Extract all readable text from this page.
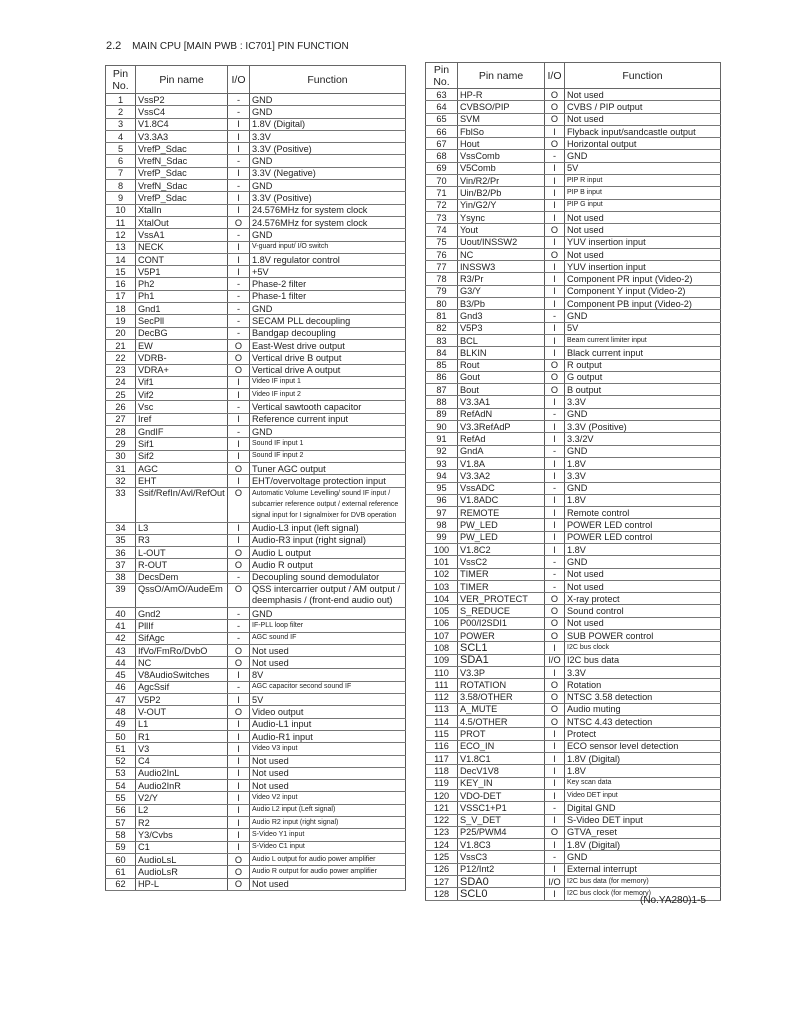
2.2 MAIN CPU [MAIN PWB : IC701] PIN FUNCTION
Pin No.	Pin name	I/O	Function
1	VssP2	-	GND
2	VssC4	-	GND
3	V1.8C4	I	1.8V (Digital)
4	V3.3A3	I	3.3V
5	VrefP_Sdac	I	3.3V (Positive)
6	VrefN_Sdac	-	GND
7	VrefP_Sdac	I	3.3V (Negative)
8	VrefN_Sdac	-	GND
9	VrefP_Sdac	I	3.3V (Positive)
10	XtalIn	I	24.576MHz for system clock
11	XtalOut	O	24.576MHz for system clock
12	VssA1	-	GND
13	NECK	I	V-guard input/ I/O switch
14	CONT	I	1.8V regulator control
15	V5P1	I	+5V
16	Ph2	-	Phase-2 filter
17	Ph1	-	Phase-1 filter
18	Gnd1	-	GND
19	SecPll	-	SECAM PLL decoupling
20	DecBG	-	Bandgap decoupling
21	EW	O	East-West drive output
22	VDRB-	O	Vertical drive B output
23	VDRA+	O	Vertical drive A output
24	Vif1	I	Video IF input 1
25	Vif2	I	Video IF input 2
26	Vsc	-	Vertical sawtooth capacitor
27	Iref	I	Reference current input
28	GndIF	-	GND
29	Sif1	I	Sound IF input 1
30	Sif2	I	Sound IF input 2
31	AGC	O	Tuner AGC output
32	EHT	I	EHT/overvoltage protection input
33	Ssif/RefIn/Avl/RefOut	O	Automatic Volume Levelling/ sound IF input / subcarrier reference output / external reference signal input for I signalmixer for DVB operation
34	L3	I	Audio-L3 input (left signal)
35	R3	I	Audio-R3 input (right signal)
36	L-OUT	O	Audio L output
37	R-OUT	O	Audio R output
38	DecsDem	-	Decoupling sound demodulator
39	QssO/AmO/AudeEm	O	QSS intercarrier output / AM output / deemphasis / (front-end audio out)
40	Gnd2	-	GND
41	PllIf	-	IF-PLL loop filter
42	SifAgc	-	AGC sound IF
43	IfVo/FmRo/DvbO	O	Not used
44	NC	O	Not used
45	V8AudioSwitches	I	8V
46	AgcSsif	-	AGC capacitor second sound IF
47	V5P2	I	5V
48	V-OUT	O	Video output
49	L1	I	Audio-L1 input
50	R1	I	Audio-R1 input
51	V3	I	Video V3 input
52	C4	I	Not used
53	Audio2InL	I	Not used
54	Audio2InR	I	Not used
55	V2/Y	I	Video V2 input
56	L2	I	Audio L2 input (Left signal)
57	R2	I	Audio R2 input (right signal)
58	Y3/Cvbs	I	S-Video Y1 input
59	C1	I	S-Video C1 input
60	AudioLsL	O	Audio L output for audio power amplifier
61	AudioLsR	O	Audio R output for audio power amplifier
62	HP-L	O	Not used
Pin No.	Pin name	I/O	Function
63	HP-R	O	Not used
64	CVBSO/PIP	O	CVBS / PIP output
65	SVM	O	Not used
66	FblSo	I	Flyback input/sandcastle output
67	Hout	O	Horizontal output
68	VssComb	-	GND
69	V5Comb	I	5V
70	Vin/R2/Pr	I	PIP R input
71	Uin/B2/Pb	I	PIP B input
72	Yin/G2/Y	I	PIP G input
73	Ysync	I	Not used
74	Yout	O	Not used
75	Uout/INSSW2	I	YUV insertion input
76	NC	O	Not used
77	INSSW3	I	YUV insertion input
78	R3/Pr	I	Component PR input (Video-2)
79	G3/Y	I	Component Y input (Video-2)
80	B3/Pb	I	Component PB input (Video-2)
81	Gnd3	-	GND
82	V5P3	I	5V
83	BCL	I	Beam current limiter input
84	BLKIN	I	Black current input
85	Rout	O	R output
86	Gout	O	G output
87	Bout	O	B output
88	V3.3A1	I	3.3V
89	RefAdN	-	GND
90	V3.3RefAdP	I	3.3V (Positive)
91	RefAd	I	3.3/2V
92	GndA	-	GND
93	V1.8A	I	1.8V
94	V3.3A2	I	3.3V
95	VssADC	-	GND
96	V1.8ADC	I	1.8V
97	REMOTE	I	Remote control
98	PW_LED	I	POWER LED control
99	PW_LED	I	POWER LED control
100	V1.8C2	I	1.8V
101	VssC2	-	GND
102	TIMER	-	Not used
103	TIMER	-	Not used
104	VER_PROTECT	O	X-ray protect
105	S_REDUCE	O	Sound control
106	P00/I2SDI1	O	Not used
107	POWER	O	SUB POWER control
108	SCL1	I	I2C bus clock
109	SDA1	I/O	I2C bus data
110	V3.3P	I	3.3V
111	ROTATION	O	Rotation
112	3.58/OTHER	O	NTSC 3.58 detection
113	A_MUTE	O	Audio muting
114	4.5/OTHER	O	NTSC 4.43 detection
115	PROT	I	Protect
116	ECO_IN	I	ECO sensor level detection
117	V1.8C1	I	1.8V (Digital)
118	DecV1V8	I	1.8V
119	KEY_IN	I	Key scan data
120	VDO-DET	I	Video DET input
121	VSSC1+P1	-	Digital GND
122	S_V_DET	I	S-Video DET input
123	P25/PWM4	O	GTVA_reset
124	V1.8C3	I	1.8V (Digital)
125	VssC3	-	GND
126	P12/Int2	I	External interrupt
127	SDA0	I/O	I2C bus data (for memory)
128	SCL0	I	I2C bus clock (for memory)
(No.YA280)1-5
